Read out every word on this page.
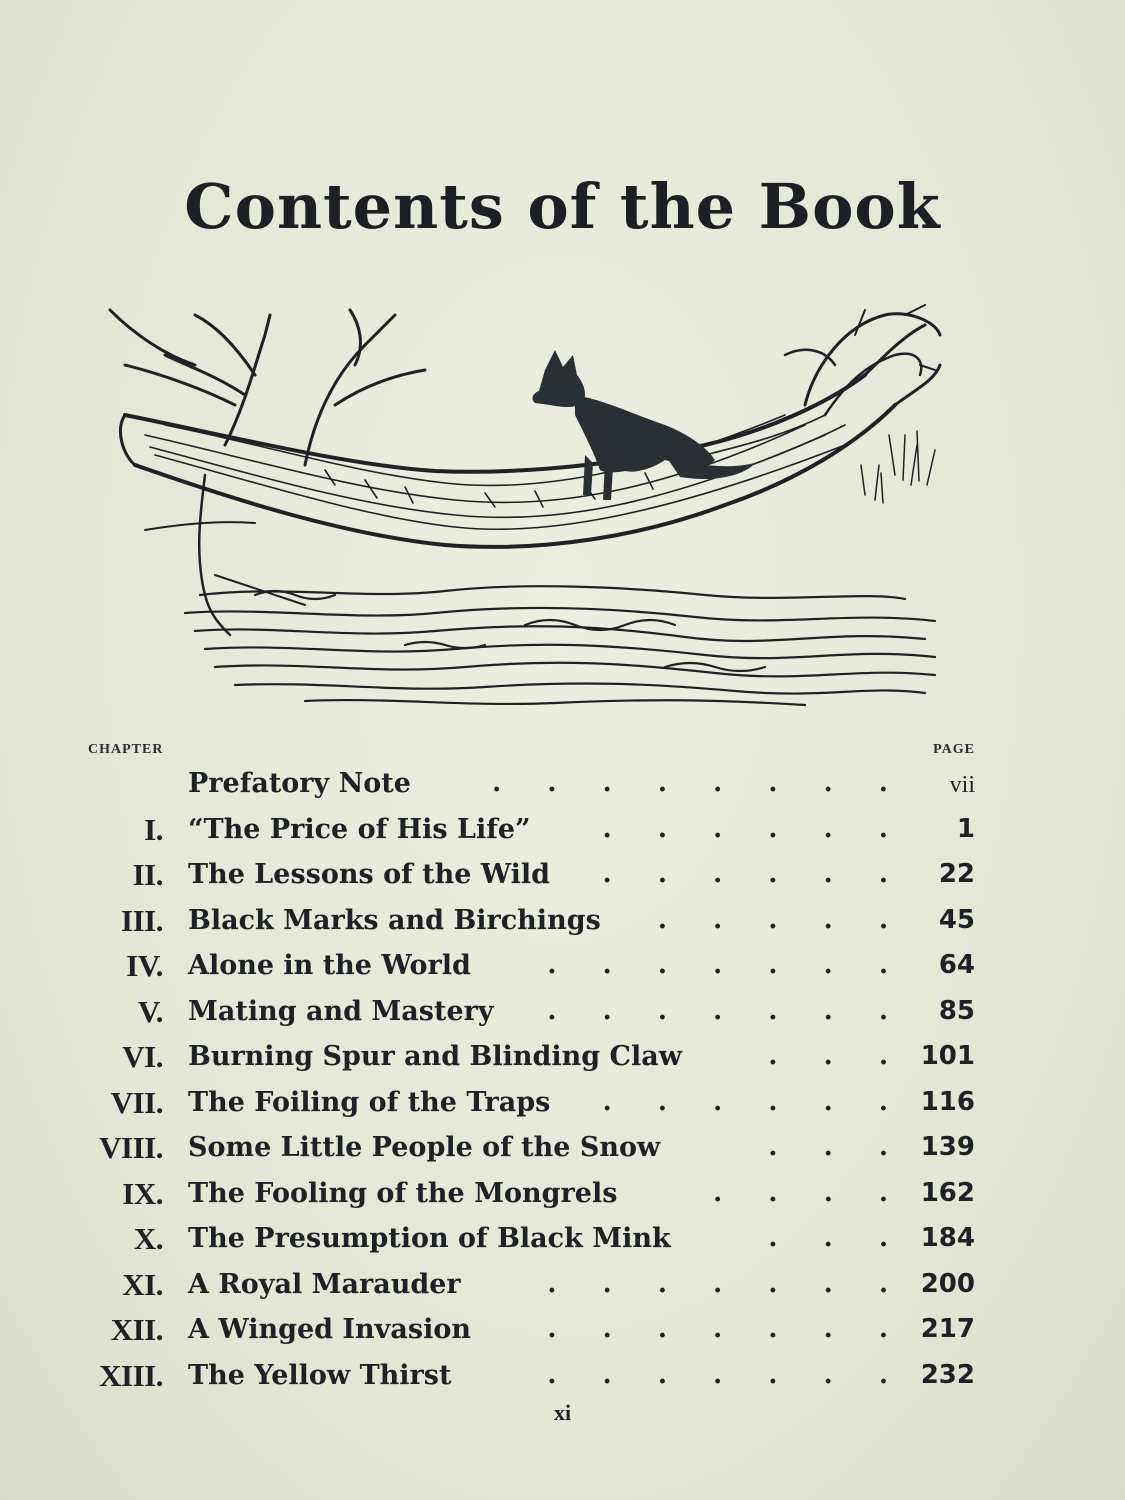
Contents of the Book
CHAPTER	PAGE
Prefatory Note	.    .    .    .    .    .    .    . vii
I. “The Price of His Life”	.    .    .    .    .    .	1
II. The Lessons of the Wild .    .    .    .    .    . 22
III. Black Marks and Birchings .    .    .    .    . 45
IV. Alone in the World	.    .    .    .    .    .    . 64
V. Mating and Mastery .    .    .    .    .    .    . 85
VI. Burning Spur and Blinding Claw	.    .    . 101
VII. The Foiling of the Traps .    .    .    .    .    . 116
VIII. Some Little People of the Snow	.    .    . 139
IX. The Fooling of the Mongrels	.    .    .    . 162
X. The Presumption of Black Mink	.    .    . 184
XI. A Royal Marauder	.    .    .    .    .    .    . 200
XII. A Winged Invasion	.    .    .    .    .    .    . 217
XIII. The Yellow Thirst	.    .    .    .    .    .    . 232
xi
